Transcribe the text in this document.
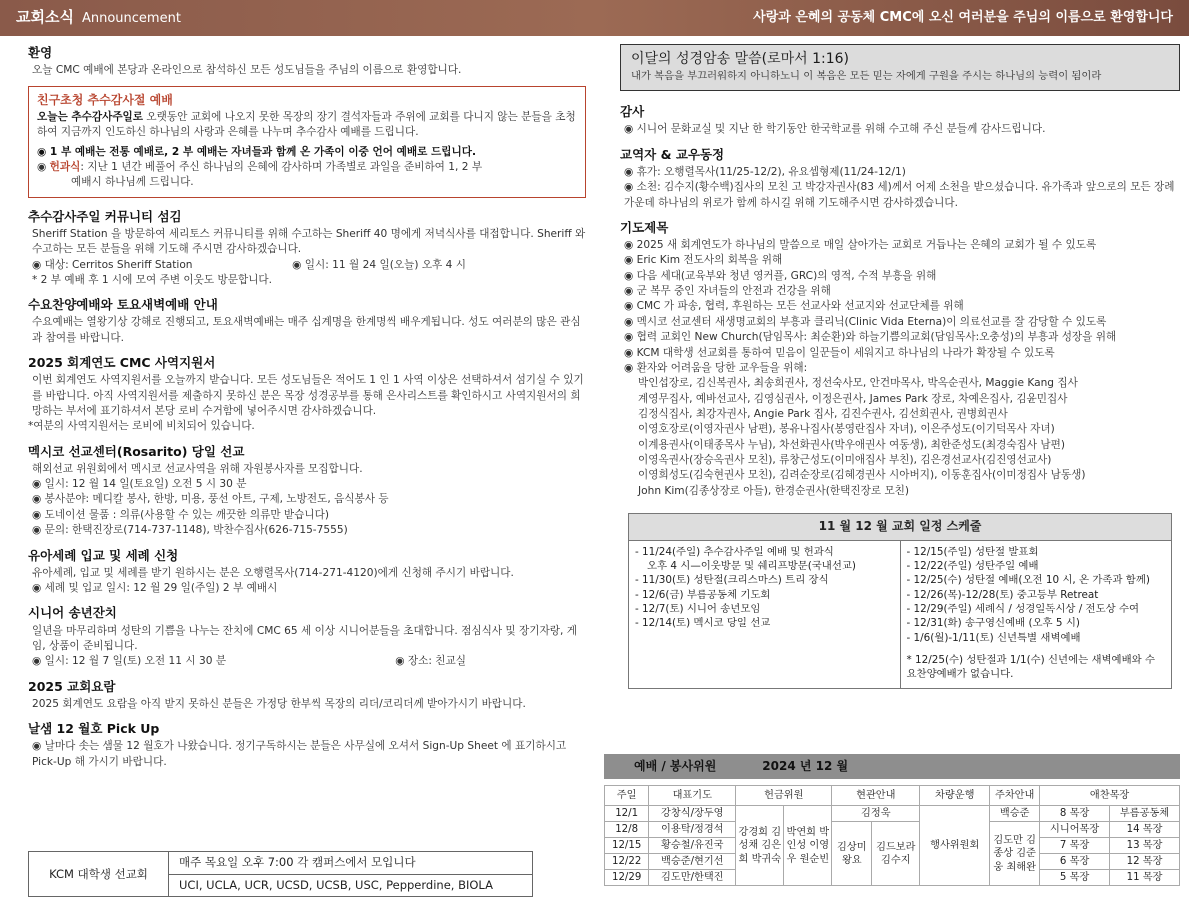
교회소식 Announcement	사랑과 은혜의 공동체 CMC에 오신 여러분을 주님의 이름으로 환영합니다
환영

오늘 CMC 예배에 본당과 온라인으로 참석하신 모든 성도님들을 주님의 이름으로 환영합니다.

친구초청 추수감사절 예배

오늘는 추수감사주일로 오랫동안 교회에 나오지 못한 목장의 장기 결석자들과 주위에 교회를 다니지 않는 분들을 초청하여 지금까지 인도하신 하나님의 사랑과 은혜를 나누며 추수감사 예배를 드립니다.

◉ 1 부 예배는 전통 예배로, 2 부 예배는 자녀들과 함께 온 가족이 이중 언어 예배로 드립니다.

◉ 헌과식: 지난 1 년간 베풀어 주신 하나님의 은혜에 감사하며 가족별로 과일을 준비하여 1, 2 부

예배시 하나님께 드립니다.

추수감사주일 커뮤니티 섬김

Sheriff Station 을 방문하여 세리토스 커뮤니티를 위해 수고하는 Sheriff 40 명에게 저녁식사를 대접합니다. Sheriff 와 수고하는 모든 분들을 위해 기도해 주시면 감사하겠습니다.

◉ 대상: Cerritos Sheriff Station	◉ 일시: 11 월 24 일(오늘) 오후 4 시

* 2 부 예배 후 1 시에 모여 주변 이웃도 방문합니다.

수요찬양예배와 토요새벽예배 안내

수요예배는 열왕기상 강해로 진행되고, 토요새벽예배는 매주 십계명을 한계명씩 배우게됩니다. 성도 여러분의 많은 관심과 참여를 바랍니다.

2025 회계연도 CMC 사역지원서

이번 회계연도 사역지원서를 오늘까지 받습니다. 모든 성도님들은 적어도 1 인 1 사역 이상은 선택하셔서 섬기실 수 있기를 바랍니다. 아직 사역지원서를 제출하지 못하신 분은 목장 성경공부를 통해 은사리스트를 확인하시고 사역지원서의 희망하는 부서에 표기하셔서 본당 로비 수거함에 넣어주시면 감사하겠습니다.

*여분의 사역지원서는 로비에 비치되어 있습니다.

멕시코 선교센터(Rosarito) 당일 선교

해외선교 위원회에서 멕시코 선교사역을 위해 자원봉사자를 모집합니다.

◉ 일시: 12 월 14 일(토요일) 오전 5 시 30 분

◉ 봉사분야: 메디칼 봉사, 한방, 미용, 풍선 아트, 구제, 노방전도, 음식봉사 등

◉ 도네이션 물품 : 의류(사용할 수 있는 깨끗한 의류만 받습니다)

◉ 문의: 한택진장로(714-737-1148), 박찬수집사(626-715-7555)

유아세례 입교 및 세례 신청

유아세례, 입교 및 세례를 받기 원하시는 분은 오행렬목사(714-271-4120)에게 신청해 주시기 바랍니다.

◉ 세례 및 입교 일시: 12 월 29 일(주일) 2 부 예배시

시니어 송년잔치

일년을 마무리하며 성탄의 기쁨을 나누는 잔치에 CMC 65 세 이상 시니어분들을 초대합니다. 점심식사 및 장기자랑, 게임, 상품이 준비됩니다.

◉ 일시: 12 월 7 일(토) 오전 11 시 30 분	◉ 장소: 친교실

2025 교회요람

2025 회계연도 요람을 아직 받지 못하신 분들은 가정당 한부씩 목장의 리더/코리더께 받아가시기 바랍니다.

날샘 12 월호 Pick Up

◉ 날마다 솟는 샘물 12 월호가 나왔습니다. 정기구독하시는 분들은 사무실에 오셔서 Sign-Up Sheet 에 표기하시고 Pick-Up 해 가시기 바랍니다.

KCM 대학생 선교회
매주 목요일 오후 7:00 각 캠퍼스에서 모입니다
UCI, UCLA, UCR, UCSD, UCSB, USC, Pepperdine, BIOLA
이달의 성경암송 말씀(로마서 1:16)
내가 복음을 부끄러워하지 아니하노니 이 복음은 모든 믿는 자에게 구원을 주시는 하나님의 능력이 됨이라
감사

◉ 시니어 문화교실 및 지난 한 학기동안 한국학교를 위해 수고해 주신 분들께 감사드립니다.

교역자 & 교우동정

◉ 휴가: 오행렬목사(11/25-12/2), 유요셉형제(11/24-12/1)

◉ 소천: 김수지(황수백)집사의 모친 고 박강자권사(83 세)께서 어제 소천을 받으셨습니다. 유가족과 앞으로의 모든 장례가운데 하나님의 위로가 함께 하시길 위해 기도해주시면 감사하겠습니다.

기도제목

◉ 2025 새 회계연도가 하나님의 말씀으로 매일 살아가는 교회로 거듭나는 은혜의 교회가 될 수 있도록

◉ Eric Kim 전도사의 회복을 위해

◉ 다음 세대(교육부와 청년 영커플, GRC)의 영적, 수적 부흥을 위해

◉ 군 복무 중인 자녀들의 안전과 건강을 위해

◉ CMC 가 파송, 협력, 후원하는 모든 선교사와 선교지와 선교단체를 위해

◉ 멕시코 선교센터 새생명교회의 부흥과 클리닉(Clinic Vida Eterna)이 의료선교를 잘 감당할 수 있도록

◉ 협력 교회인 New Church(담임목사: 최순환)와 하늘기쁨의교회(담임목사:오충성)의 부흥과 성장을 위해

◉ KCM 대학생 선교회를 통하여 믿음이 일꾼들이 세워지고 하나님의 나라가 확장될 수 있도록

◉ 환자와 어려움을 당한 교우들을 위해:

박인섭장로, 김신복권사, 최송희권사, 정선숙사모, 안건마목사, 박옥순권사, Maggie Kang 집사

계영무집사, 예바선교사, 김영심권사, 이정은권사, James Park 장로, 차예은집사, 김윤민집사

김정식집사, 최강자권사, Angie Park 집사, 김진수권사, 김선희권사, 권병희권사

이영호장로(이영자권사 남편), 봉유나집사(봉영란집사 자녀), 이은주성도(이기덕목사 자녀)

이계용권사(이태종목사 누님), 차선화권사(박우애권사 여동생), 최한준성도(최경숙집사 남편)

이영옥권사(장승옥권사 모친), 류창근성도(이미애집사 부친), 김은경선교사(김진영선교사)

이영희성도(김숙현권사 모친), 김려순장로(김혜경권사 시아버지), 이동훈집사(이미정집사 남동생)

John Kim(김종상장로 아들), 한경순권사(한택진장로 모친)

11 월 12 월 교회 일정 스케줄

- 11/24(주일) 추수감사주일 예배 및 헌과식

오후 4 시—이웃방문 및 쉐리프방문(국내선교)

- 11/30(토) 성탄절(크리스마스) 트리 장식

- 12/6(금) 부름공동체 기도회

- 12/7(토) 시니어 송년모임

- 12/14(토) 멕시코 당일 선교

- 12/15(주일) 성탄절 발표회

- 12/22(주일) 성탄주일 예배

- 12/25(수) 성탄절 예배(오전 10 시, 온 가족과 함께)

- 12/26(목)-12/28(토) 중고등부 Retreat

- 12/29(주일) 세례식 / 성경일독시상 / 전도상 수여

- 12/31(화) 송구영신예배 (오후 5 시)

- 1/6(월)-1/11(토) 신년특별 새벽예배

* 12/25(수) 성탄절과 1/1(수) 신년에는 새벽예배와 수요찬양예배가 없습니다.

예배 / 봉사위원	2024 년 12 월
주일	대표기도	헌금위원		현관안내		차량운행	주차안내	애찬목장	
12/1	강창식/장두영	강경희 김성채 김은희 박귀숙	박연희 박인성 이영우 원순빈	김정욱		행사위원회	백승준	8 목장	부름공동체
12/8	이용탁/정경석			김상미 왕요	김드보라 김수지		김도만 김종상 김준웅 최해완	시니어목장	14 목장
12/15	황승철/유진국							7 목장	13 목장
12/22	백승준/현기선							6 목장	12 목장
12/29	김도만/한택진							5 목장	11 목장
